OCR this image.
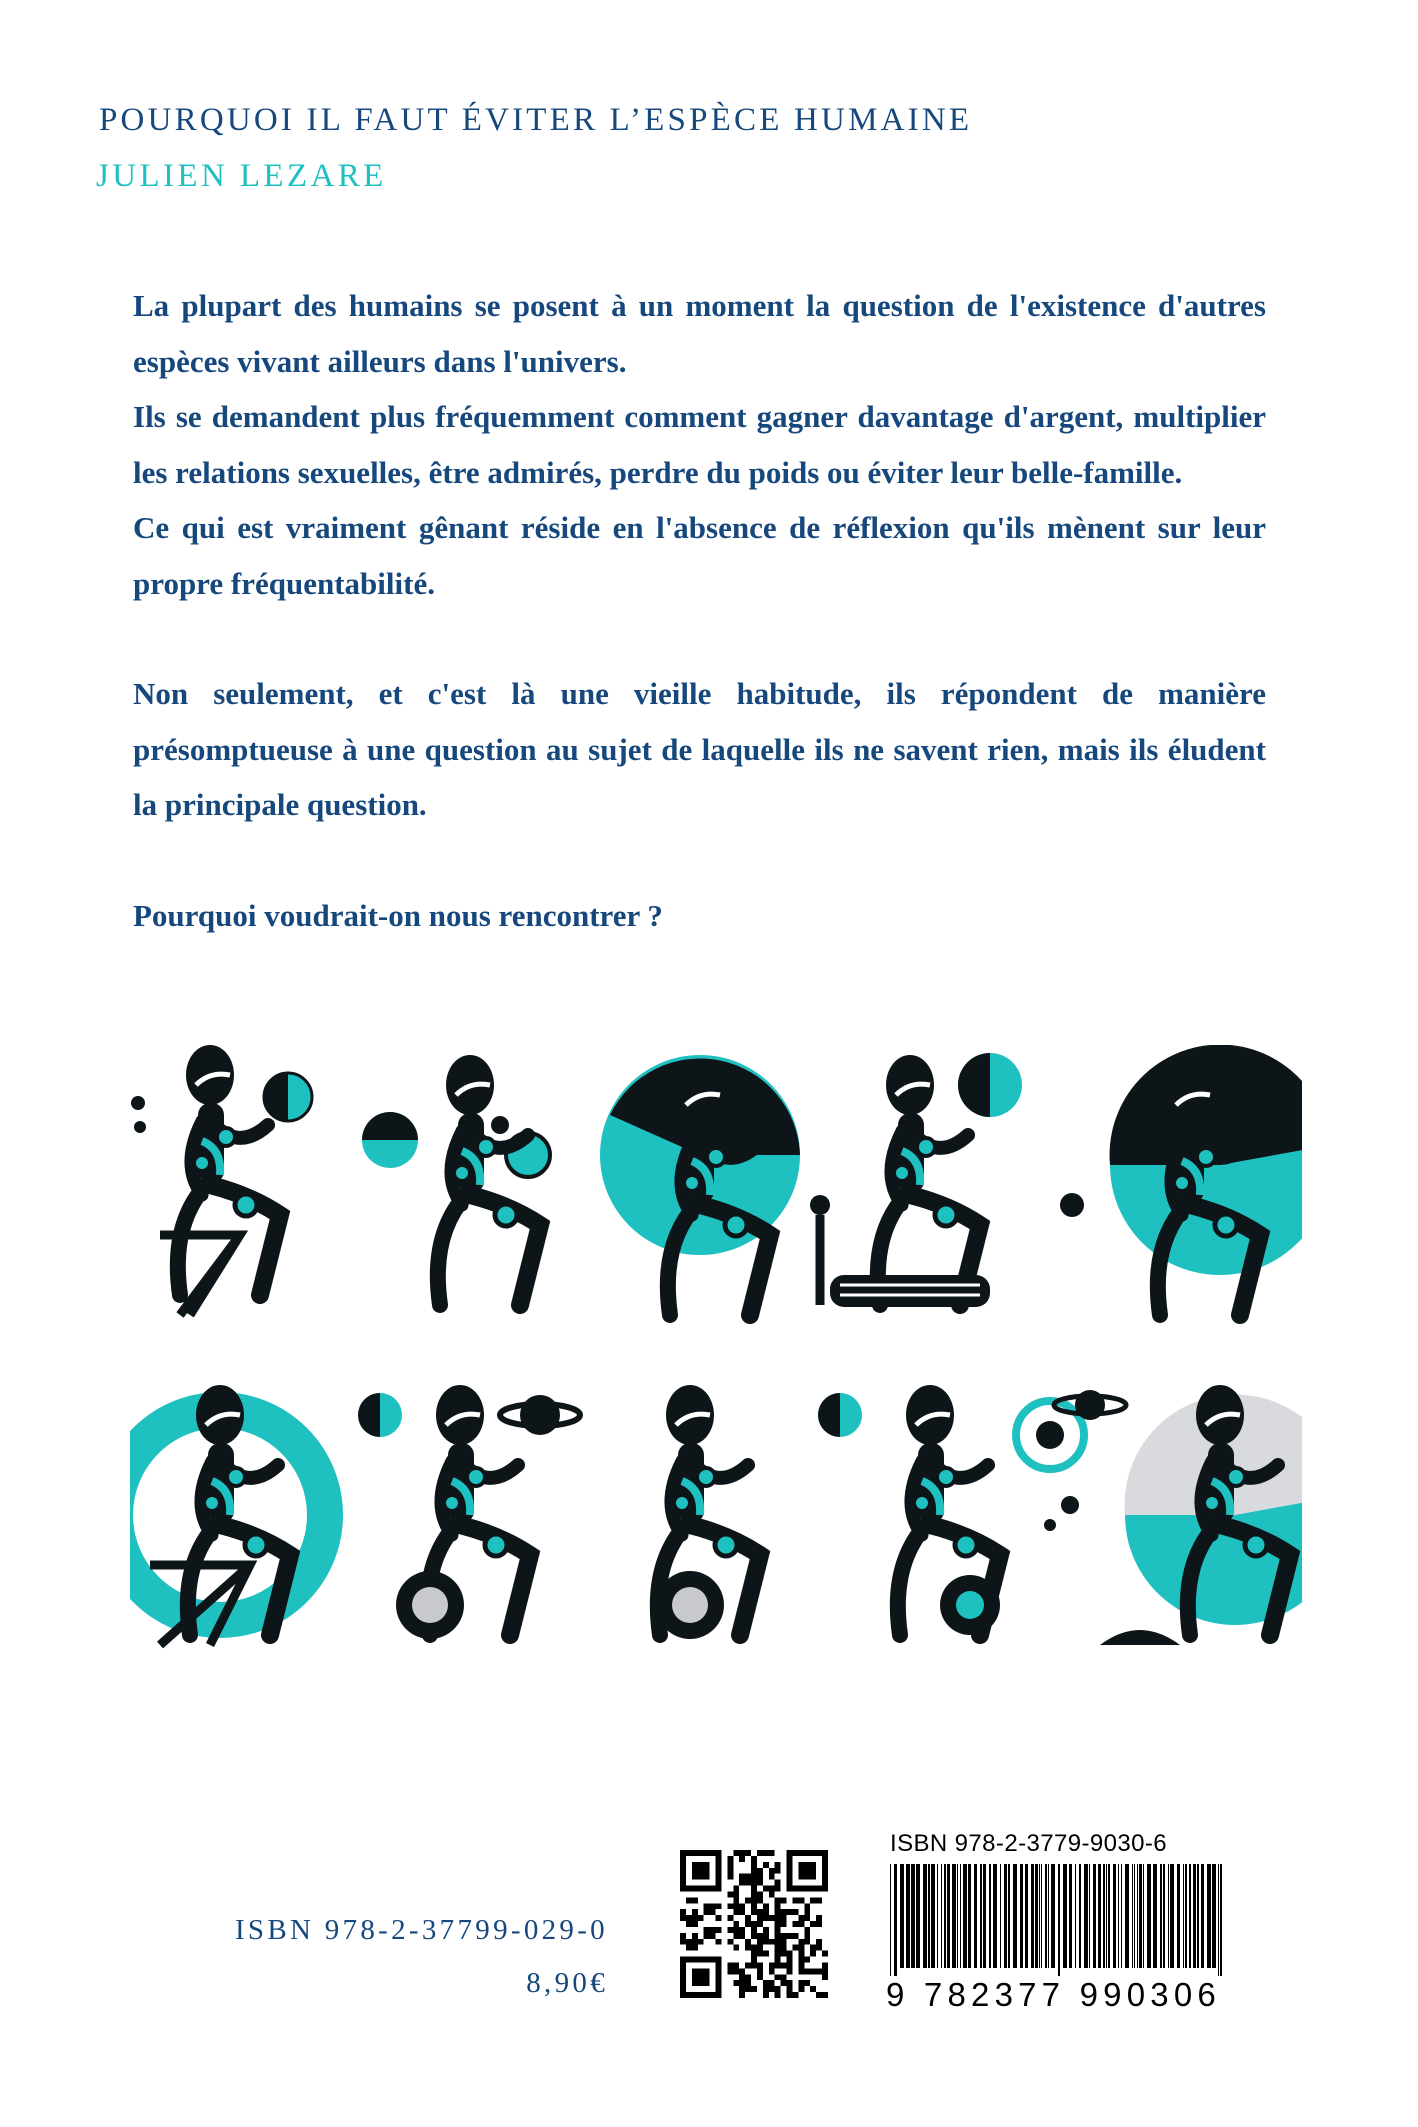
POURQUOI IL FAUT ÉVITER L’ESPÈCE HUMAINE
JULIEN LEZARE

La plupart des humains se posent à un moment la question de l'existence d'autres espèces vivant ailleurs dans l'univers.

Ils se demandent plus fréquemment comment gagner davantage d'argent, multiplier les relations sexuelles, être admirés, perdre du poids ou éviter leur belle-famille.

Ce qui est vraiment gênant réside en l'absence de réflexion qu'ils mènent sur leur propre fréquentabilité.

Non seulement, et c'est là une vieille habitude, ils répondent de manière présomptueuse à une question au sujet de laquelle ils ne savent rien, mais ils éludent la principale question.

Pourquoi voudrait-on nous rencontrer ?

ISBN 978-2-37799-029-0
8,90€
ISBN 978-2-3779-9030-6
9 782377 990306
